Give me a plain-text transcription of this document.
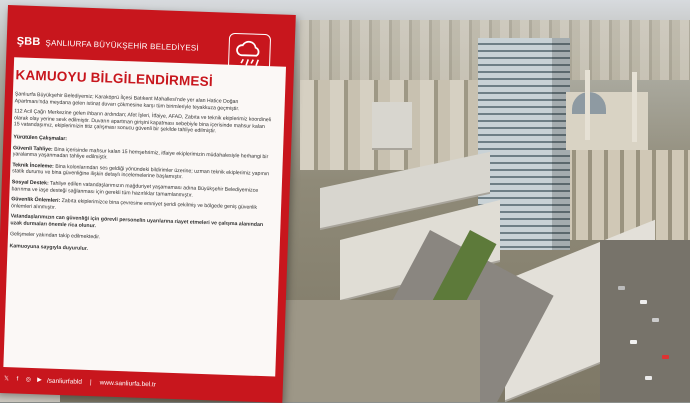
ŞBB ŞANLIURFA BÜYÜKŞEHİR BELEDİYESİ
KAMUOYU BİLGİLENDİRMESİ

Şanlıurfa Büyükşehir Belediyemiz; Karaköprü İlçesi Batıkent Mahallesi'nde yer alan Hatice Doğan Apartmanı'nda meydana gelen istinat duvarı çökmesine karşı tüm birimleriyle teyakkuza geçmiştir.

112 Acil Çağrı Merkezine gelen ihbarın ardından; Afet İşleri, İtfaiye, AFAD, Zabıta ve teknik ekiplerimiz koordineli olarak olay yerine sevk edilmiştir. Duvarın apartman girişini kapatması sebebiyle bina içerisinde mahsur kalan 15 vatandaşımız, ekiplerimizin titiz çalışması sonucu güvenli bir şekilde tahliye edilmiştir.

Yürütülen Çalışmalar:

Güvenli Tahliye: Bina içerisinde mahsur kalan 15 hemşehrimiz, itfaiye ekiplerimizin müdahalesiyle herhangi bir yaralanma yaşanmadan tahliye edilmiştir.

Teknik İnceleme: Bina kolonlarından ses geldiği yönündeki bildirimler üzerine; uzman teknik ekiplerimiz yapının statik durumu ve bina güvenliğine ilişkin detaylı incelemelerine başlamıştır.

Sosyal Destek: Tahliye edilen vatandaşlarımızın mağduriyet yaşamaması adına Büyükşehir Belediyemizce barınma ve iaşe desteği sağlanması için gerekli tüm hazırlıklar tamamlanmıştır.

Güvenlik Önlemleri: Zabıta ekiplerimizce bina çevresine emniyet şeridi çekilmiş ve bölgede geniş güvenlik önlemleri alınmıştır.

Vatandaşlarımızın can güvenliği için görevli personelin uyarılarına riayet etmeleri ve çalışma alanından uzak durmaları önemle rica olunur.

Gelişmeler yakından takip edilmektedir.

Kamuoyuna saygıyla duyurulur.

𝕏	f	◎ ▶ /sanliurfabld | www.sanliurfa.bel.tr
